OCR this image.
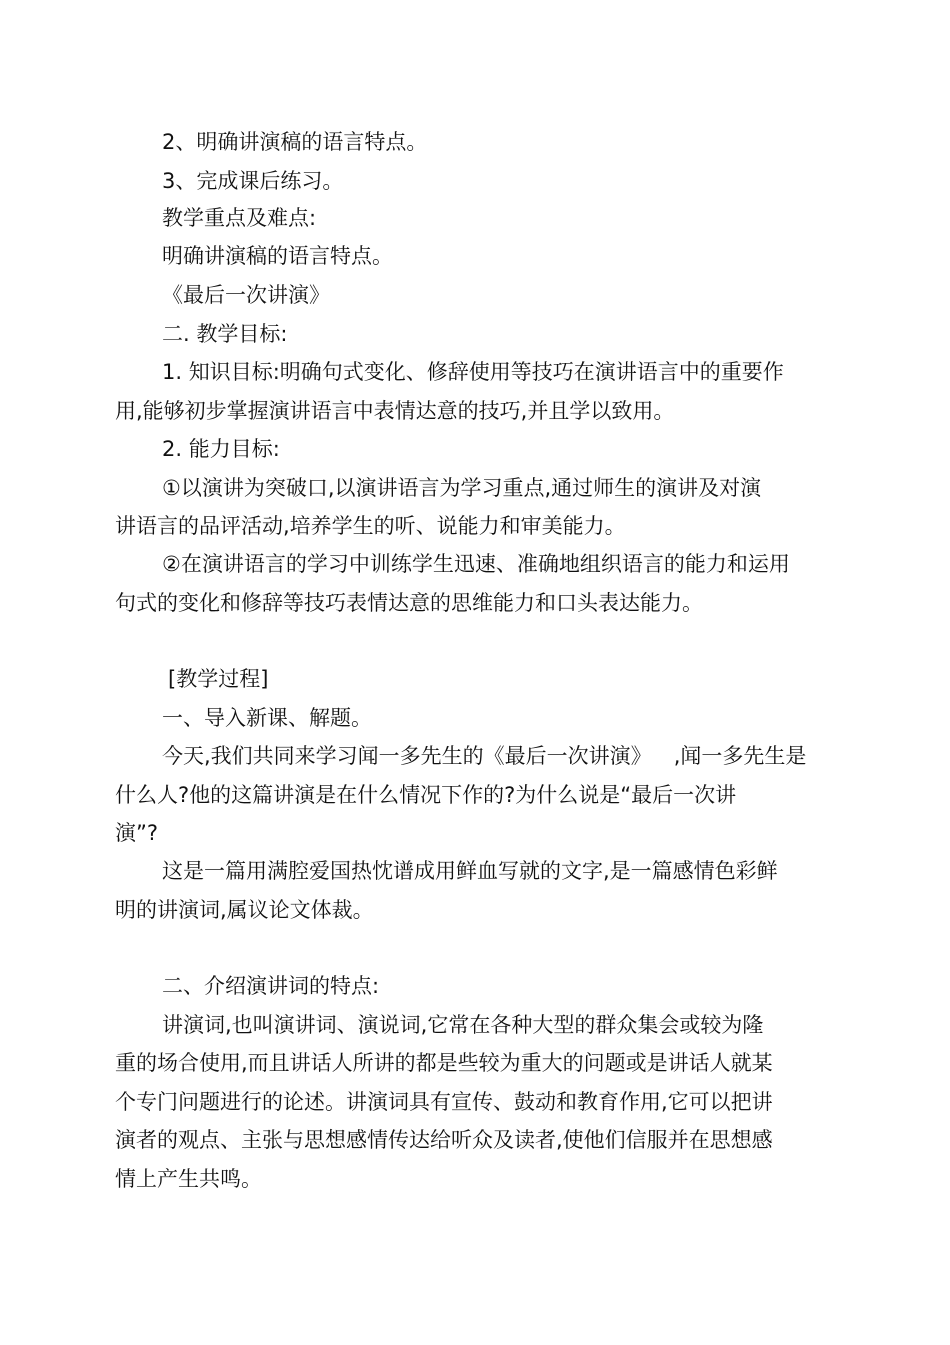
2、明确讲演稿的语言特点。

3、完成课后练习。

教学重点及难点:

明确讲演稿的语言特点。

《最后一次讲演》

二. 教学目标:

1. 知识目标:明确句式变化、修辞使用等技巧在演讲语言中的重要作

用,能够初步掌握演讲语言中表情达意的技巧,并且学以致用。

2. 能力目标:

①以演讲为突破口,以演讲语言为学习重点,通过师生的演讲及对演

讲语言的品评活动,培养学生的听、说能力和审美能力。

②在演讲语言的学习中训练学生迅速、准确地组织语言的能力和运用

句式的变化和修辞等技巧表情达意的思维能力和口头表达能力。

[教学过程]

一、导入新课、解题。

今天,我们共同来学习闻一多先生的《最后一次讲演》 ,闻一多先生是

什么人?他的这篇讲演是在什么情况下作的?为什么说是“最后一次讲

演”?

这是一篇用满腔爱国热忱谱成用鲜血写就的文字,是一篇感情色彩鲜

明的讲演词,属议论文体裁。

二、介绍演讲词的特点:

讲演词,也叫演讲词、演说词,它常在各种大型的群众集会或较为隆

重的场合使用,而且讲话人所讲的都是些较为重大的问题或是讲话人就某

个专门问题进行的论述。讲演词具有宣传、鼓动和教育作用,它可以把讲

演者的观点、主张与思想感情传达给听众及读者,使他们信服并在思想感

情上产生共鸣。
